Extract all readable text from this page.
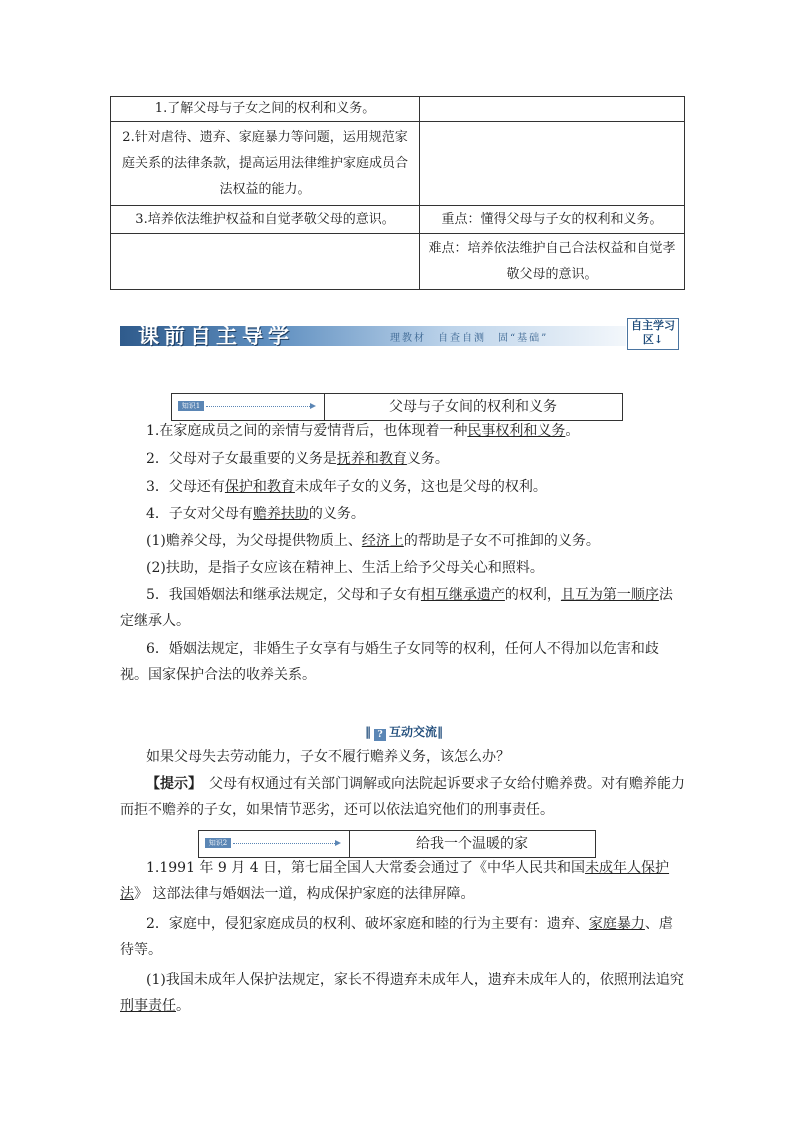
1.了解父母与子女之间的权利和义务。	
2.针对虐待、遗弃、家庭暴力等问题，运用规范家庭关系的法律条款，提高运用法律维护家庭成员合法权益的能力。	
3.培养依法维护权益和自觉孝敬父母的意识。	重点：懂得父母与子女的权利和义务。
	难点：培养依法维护自己合法权益和自觉孝敬父母的意识。
课前自主导学	理教材　自查自测　固“基础”
自主学习区↓
知识1	父母与子女间的权利和义务

1.在家庭成员之间的亲情与爱情背后，也体现着一种民事权利和义务。

2．父母对子女最重要的义务是抚养和教育义务。

3．父母还有保护和教育未成年子女的义务，这也是父母的权利。

4．子女对父母有赡养扶助的义务。

(1)赡养父母，为父母提供物质上、经济上的帮助是子女不可推卸的义务。

(2)扶助，是指子女应该在精神上、生活上给予父母关心和照料。

5．我国婚姻法和继承法规定，父母和子女有相互继承遗产的权利，且互为第一顺序法定继承人。

6．婚姻法规定，非婚生子女享有与婚生子女同等的权利，任何人不得加以危害和歧视。国家保护合法的收养关系。

‖ ? 互动交流‖

如果父母失去劳动能力，子女不履行赡养义务，该怎么办？

【提示】　 父母有权通过有关部门调解或向法院起诉要求子女给付赡养费。对有赡养能力而拒不赡养的子女，如果情节恶劣，还可以依法追究他们的刑事责任。

知识2	给我一个温暖的家

1.1991 年 9 月 4 日，第七届全国人大常委会通过了《中华人民共和国未成年人保护法》 这部法律与婚姻法一道，构成保护家庭的法律屏障。

2．家庭中，侵犯家庭成员的权利、破坏家庭和睦的行为主要有：遗弃、家庭暴力、虐待等。

(1)我国未成年人保护法规定，家长不得遗弃未成年人，遗弃未成年人的，依照刑法追究刑事责任。
